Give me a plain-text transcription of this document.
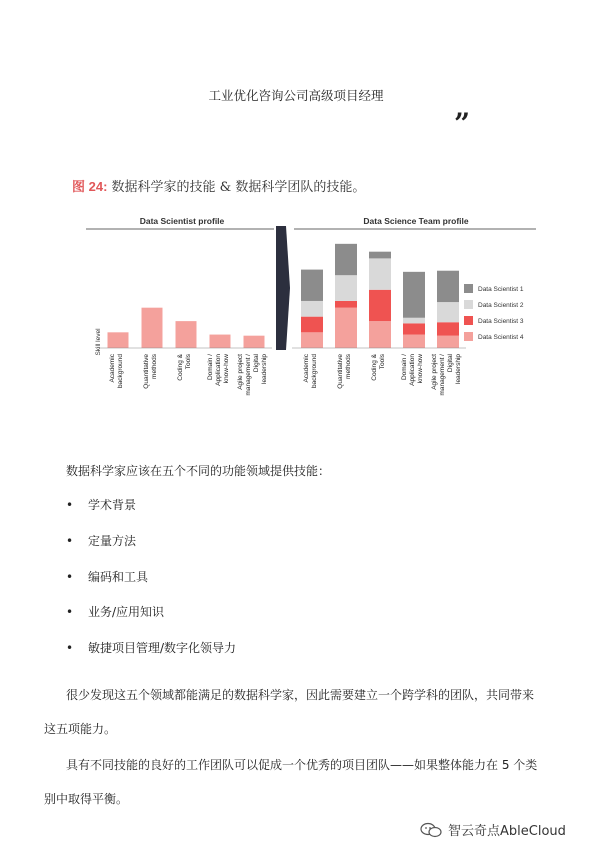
工业优化咨询公司高级项目经理
”
图 24: 数据科学家的技能 & 数据科学团队的技能。
Data Scientist profile
Skill level
Academicbackground	Quantitativemethods	Coding &Tools Domain /Applicationknow-how Agile projectmanagement /Digitalleadership
Data Science Team profile
Academicbackground	Quantitativemethods	Coding &Tools Domain /Applicationknow-how Agile projectmanagement /Digitalleadership
Data Scientist 1
Data Scientist 2
Data Scientist 3
Data Scientist 4
数据科学家应该在五个不同的功能领域提供技能：
• 学术背景
• 定量方法
• 编码和工具
• 业务/应用知识
• 敏捷项目管理/数字化领导力
很少发现这五个领域都能满足的数据科学家，因此需要建立一个跨学科的团队，共同带来这五项能力。
具有不同技能的良好的工作团队可以促成一个优秀的项目团队——如果整体能力在 5 个类别中取得平衡。
智云奇点AbleCloud
